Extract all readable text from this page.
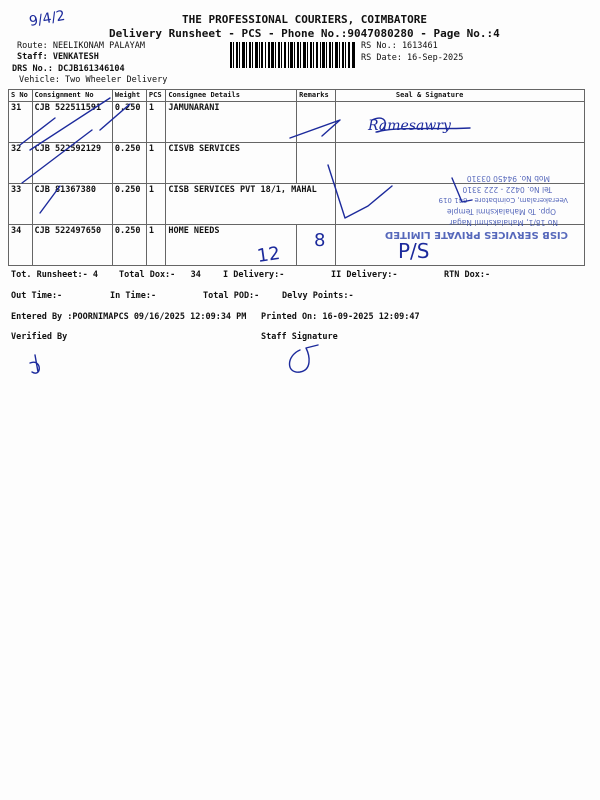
THE PROFESSIONAL COURIERS, COIMBATORE
Delivery Runsheet - PCS - Phone No.:9047080280 - Page No.:4
Route: NEELIKONAM PALAYAM
Staff: VENKATESH
DRS No.: DCJB161346104
Vehicle: Two Wheeler Delivery
RS No.: 1613461
RS Date: 16-Sep-2025
S No	Consignment No	Weight	PCS	Consignee Details	Remarks	Seal & Signature
31	CJB 522511591	0.250	1	JAMUNARANI		
32	CJB 522592129	0.250	1	CISVB SERVICES		
33	CJB 81367380	0.250	1	CISB SERVICES PVT 18/1, MAHAL		
34	CJB 522497650	0.250	1	HOME NEEDS		
Tot. Runsheet:- 4 Total Dox:-   34	I Delivery:-	II Delivery:-	RTN Dox:-
Out Time:-	In Time:-	Total POD:-	Delvy Points:-
Entered By :POORNIMAPCS 09/16/2025 12:09:34 PM Printed On: 16-09-2025 12:09:47
Verified By	Staff Signature
CISB SERVICES PRIVATE LIMITED
No 18/1, Mahalakshmi Nagar
Opp. To Mahalakshmi Temple
Veerakeralam, Coimbatore - 641 019
Tel No. 0422 - 222 3310
Mob No. 94450 03310
9/4/2
12
8	P/S
Ramesawry
